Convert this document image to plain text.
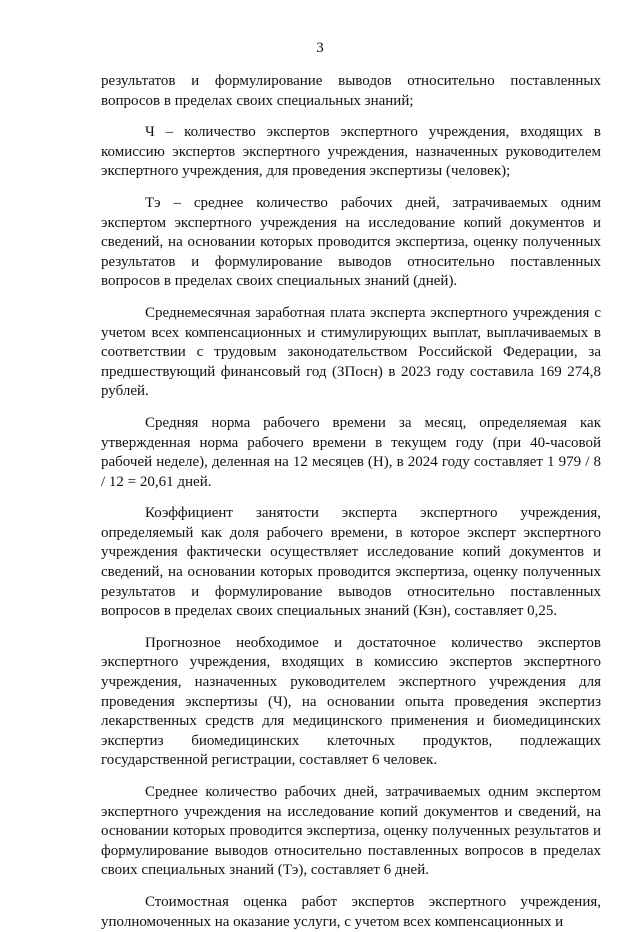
3

результатов и формулирование выводов относительно поставленных вопросов в пределах своих специальных знаний;

Ч – количество экспертов экспертного учреждения, входящих в комиссию экспертов экспертного учреждения, назначенных руководителем экспертного учреждения, для проведения экспертизы (человек);

Тэ – среднее количество рабочих дней, затрачиваемых одним экспертом экспертного учреждения на исследование копий документов и сведений, на основании которых проводится экспертиза, оценку полученных результатов и формулирование выводов относительно поставленных вопросов в пределах своих специальных знаний (дней).

Среднемесячная заработная плата эксперта экспертного учреждения с учетом всех компенсационных и стимулирующих выплат, выплачиваемых в соответствии с трудовым законодательством Российской Федерации, за предшествующий финансовый год (ЗПосн) в 2023 году составила 169 274,8 рублей.

Средняя норма рабочего времени за месяц, определяемая как утвержденная норма рабочего времени в текущем году (при 40-часовой рабочей неделе), деленная на 12 месяцев (Н), в 2024 году составляет 1 979 / 8 / 12 = 20,61 дней.

Коэффициент занятости эксперта экспертного учреждения, определяемый как доля рабочего времени, в которое эксперт экспертного учреждения фактически осуществляет исследование копий документов и сведений, на основании которых проводится экспертиза, оценку полученных результатов и формулирование выводов относительно поставленных вопросов в пределах своих специальных знаний (Кзн), составляет 0,25.

Прогнозное необходимое и достаточное количество экспертов экспертного учреждения, входящих в комиссию экспертов экспертного учреждения, назначенных руководителем экспертного учреждения для проведения экспертизы (Ч), на основании опыта проведения экспертиз лекарственных средств для медицинского применения и биомедицинских экспертиз биомедицинских клеточных продуктов, подлежащих государственной регистрации, составляет 6 человек.

Среднее количество рабочих дней, затрачиваемых одним экспертом экспертного учреждения на исследование копий документов и сведений, на основании которых проводится экспертиза, оценку полученных результатов и формулирование выводов относительно поставленных вопросов в пределах своих специальных знаний (Тэ), составляет 6 дней.

Стоимостная оценка работ экспертов экспертного учреждения, уполномоченных на оказание услуги, с учетом всех компенсационных и
